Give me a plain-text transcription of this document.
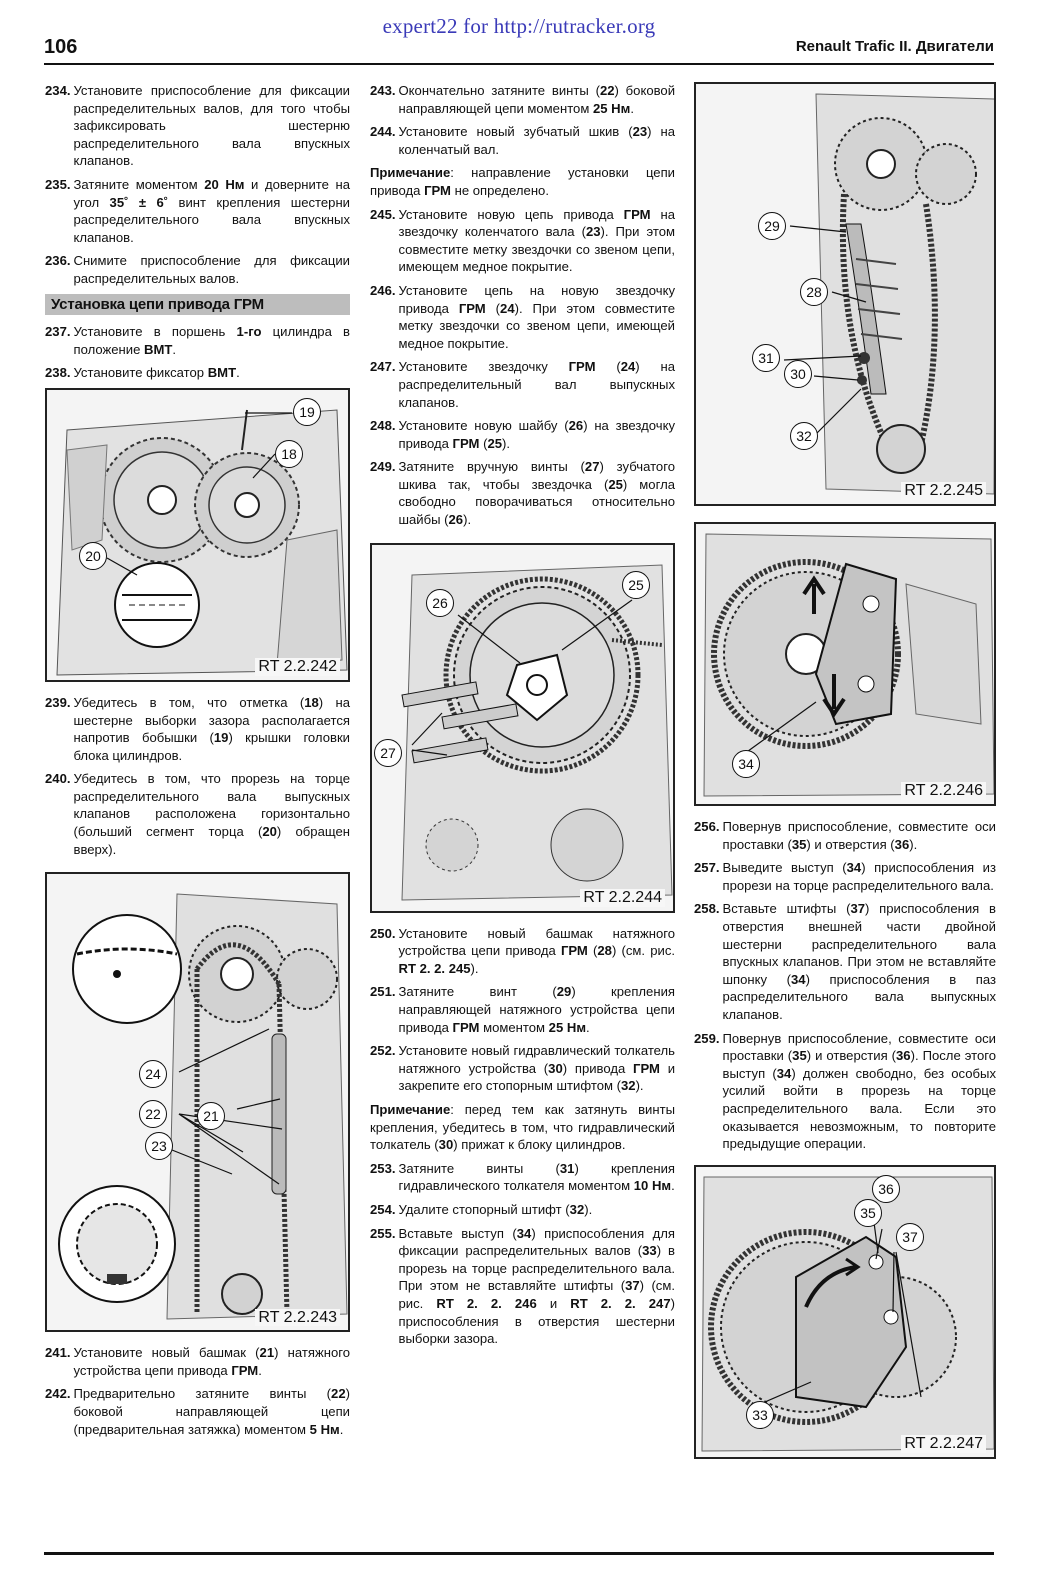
expert22 for http://rutracker.org
106	Renault Trafic II. Двигатели
234. Установите приспособление для фиксации распределительных валов, для того чтобы зафиксировать шестерню распределительного вала впускных клапанов.
235. Затяните моментом 20 Нм и доверните на угол 35˚ ± 6˚ винт крепления шестерни распределительного вала впускных клапанов.
236. Снимите приспособление для фиксации распределительных валов.
Установка цепи привода ГРМ
237. Установите в поршень 1-го цилиндра в положение ВМТ.
238. Установите фиксатор ВМТ.
19
18
20
RT 2.2.242
239. Убедитесь в том, что отметка (18) на шестерне выборки зазора располагается напротив бобышки (19) крышки головки блока цилиндров.
240. Убедитесь в том, что прорезь на торце распределительного вала выпускных клапанов расположена горизонтально (больший сегмент торца (20) обращен вверх).
24
22	21
23
RT 2.2.243
241. Установите новый башмак (21) натяжного устройства цепи привода ГРМ.
242. Предварительно затяните винты (22) боковой направляющей цепи (предварительная затяжка) моментом 5 Нм.
243. Окончательно затяните винты (22) боковой направляющей цепи моментом 25 Нм.
244. Установите новый зубчатый шкив (23) на коленчатый вал.
Примечание: направление установки цепи привода ГРМ не определено.
245. Установите новую цепь привода ГРМ на звездочку коленчатого вала (23). При этом совместите метку звездочки со звеном цепи, имеющем медное покрытие.
246. Установите цепь на новую звездочку привода ГРМ (24). При этом совместите метку звездочки со звеном цепи, имеющей медное покрытие.
247. Установите звездочку ГРМ (24) на распределительный вал выпускных клапанов.
248. Установите новую шайбу (26) на звездочку привода ГРМ (25).
249. Затяните вручную винты (27) зубчатого шкива так, чтобы звездочка (25) могла свободно поворачиваться относительно шайбы (26).
25
26
27
RT 2.2.244
250. Установите новый башмак натяжного устройства цепи привода ГРМ (28) (см. рис. RT 2. 2. 245).
251. Затяните винт (29) крепления направляющей натяжного устройства цепи привода ГРМ моментом 25 Нм.
252. Установите новый гидравлический толкатель натяжного устройства (30) привода ГРМ и закрепите его стопорным штифтом (32).
Примечание: перед тем как затянуть винты крепления, убедитесь в том, что гидравлический толкатель (30) прижат к блоку цилиндров.
253. Затяните винты (31) крепления гидравлического толкателя моментом 10 Нм.
254. Удалите стопорный штифт (32).
255. Вставьте выступ (34) приспособления для фиксации распределительных валов (33) в прорезь на торце распределительного вала. При этом не вставляйте штифты (37) (см. рис. RT 2. 2. 246 и RT 2. 2. 247) приспособления в отверстия шестерни выборки зазора.
29
28
31
30
32
RT 2.2.245
34
RT 2.2.246
256. Повернув приспособление, совместите оси проставки (35) и отверстия (36).
257. Выведите выступ (34) приспособления из прорези на торце распределительного вала.
258. Вставьте штифты (37) приспособления в отверстия внешней части двойной шестерни распределительного вала впускных клапанов. При этом не вставляйте шпонку (34) приспособления в паз распределительного вала выпускных клапанов.
259. Повернув приспособление, совместите оси проставки (35) и отверстия (36). После этого выступ (34) должен свободно, без особых усилий войти в прорезь на торце распределительного вала. Если это оказывается невозможным, то повторите предыдущие операции.
36
35
37
33
RT 2.2.247
